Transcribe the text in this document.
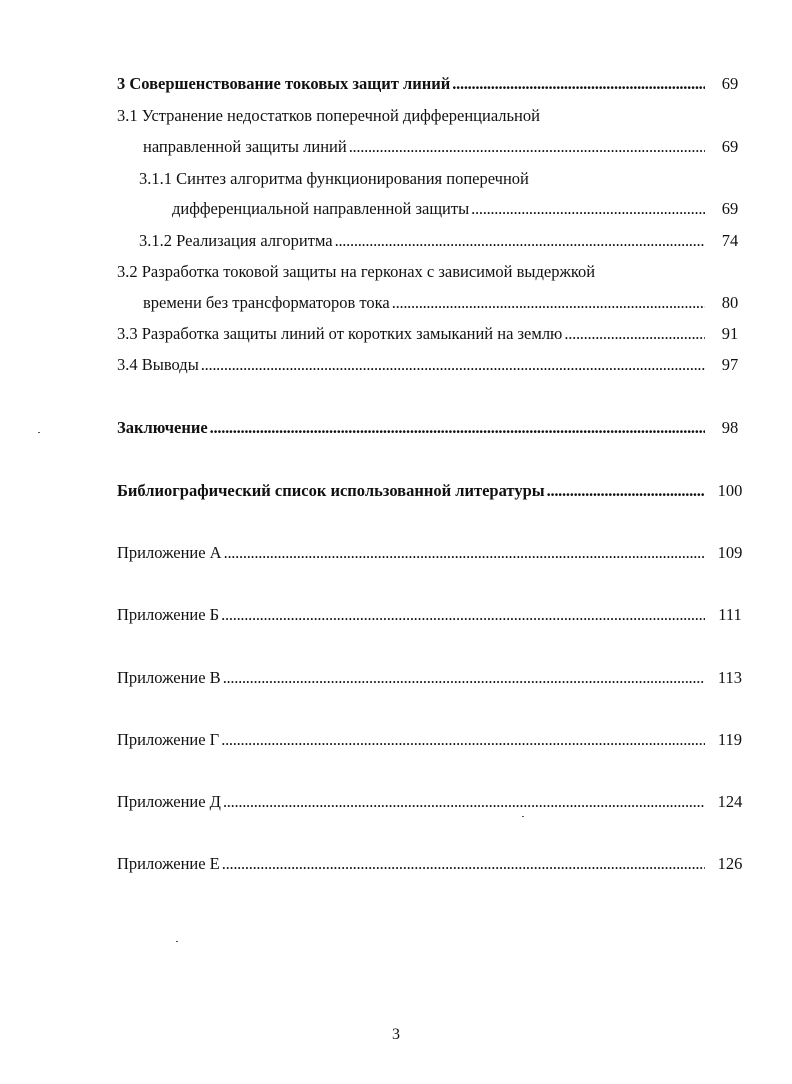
3 Совершенствование токовых защит линий . . .	69
3.1 Устранение недостатков поперечной дифференциальной
направленной защиты линий . . .	69
3.1.1 Синтез алгоритма функционирования поперечной
дифференциальной направленной защиты . . .	69
3.1.2 Реализация алгоритма . . .	74
3.2 Разработка токовой защиты на герконах с зависимой выдержкой
времени без трансформаторов тока . . .	80
3.3 Разработка защиты линий от коротких замыканий на землю . . .	91
3.4 Выводы . . .	97
Заключение . . .	98
Библиографический список использованной литературы . . .	100
Приложение А . . .	109
Приложение Б . . .	111
Приложение В . . .	113
Приложение Г . . .	119
Приложение Д . . .	124
Приложение Е . . .	126
3
